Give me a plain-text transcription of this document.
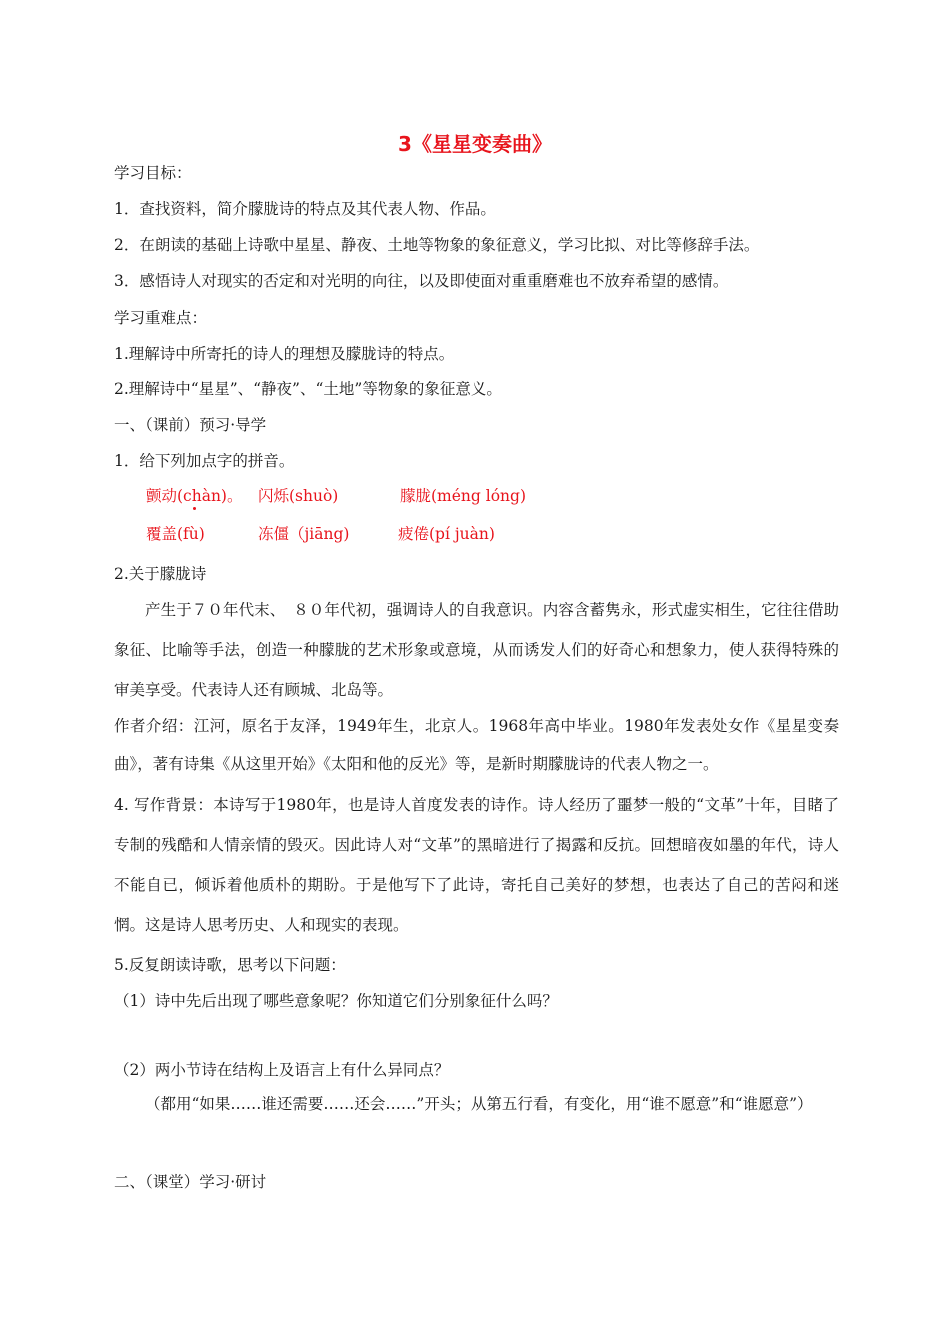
3《星星变奏曲》
学习目标：
1．查找资料，简介朦胧诗的特点及其代表人物、作品。
2．在朗读的基础上诗歌中星星、静夜、土地等物象的象征意义，学习比拟、对比等修辞手法。
3．感悟诗人对现实的否定和对光明的向往，以及即使面对重重磨难也不放弃希望的感情。
学习重难点：
1.理解诗中所寄托的诗人的理想及朦胧诗的特点。
2.理解诗中“星星”、“静夜”、“土地”等物象的象征意义。
一、（课前）预习·导学
1．给下列加点字的拼音。
颤动(chàn)。 闪烁(shuò)	朦胧(méng lóng)
覆盖(fù)	冻僵（jiāng)	疲倦(pí juàn)
2.关于朦胧诗
产生于７０年代末、　８０年代初，强调诗人的自我意识。内容含蓄隽永，形式虚实相生，它往往借助象征、比喻等手法，创造一种朦胧的艺术形象或意境，从而诱发人们的好奇心和想象力，使人获得特殊的审美享受。代表诗人还有顾城、北岛等。
作者介绍：江河，原名于友泽，1949年生，北京人。1968年高中毕业。1980年发表处女作《星星变奏曲》，著有诗集《从这里开始》《太阳和他的反光》等，是新时期朦胧诗的代表人物之一。
4. 写作背景：本诗写于1980年，也是诗人首度发表的诗作。诗人经历了噩梦一般的“文革”十年，目睹了专制的残酷和人情亲情的毁灭。因此诗人对“文革”的黑暗进行了揭露和反抗。回想暗夜如墨的年代，诗人不能自已，倾诉着他质朴的期盼。于是他写下了此诗，寄托自己美好的梦想，也表达了自己的苦闷和迷惘。这是诗人思考历史、人和现实的表现。
5.反复朗读诗歌，思考以下问题：
（1）诗中先后出现了哪些意象呢？你知道它们分别象征什么吗？
（2）两小节诗在结构上及语言上有什么异同点？
（都用“如果……谁还需要……还会……”开头；从第五行看，有变化，用“谁不愿意”和“谁愿意”）
二、（课堂）学习·研讨
